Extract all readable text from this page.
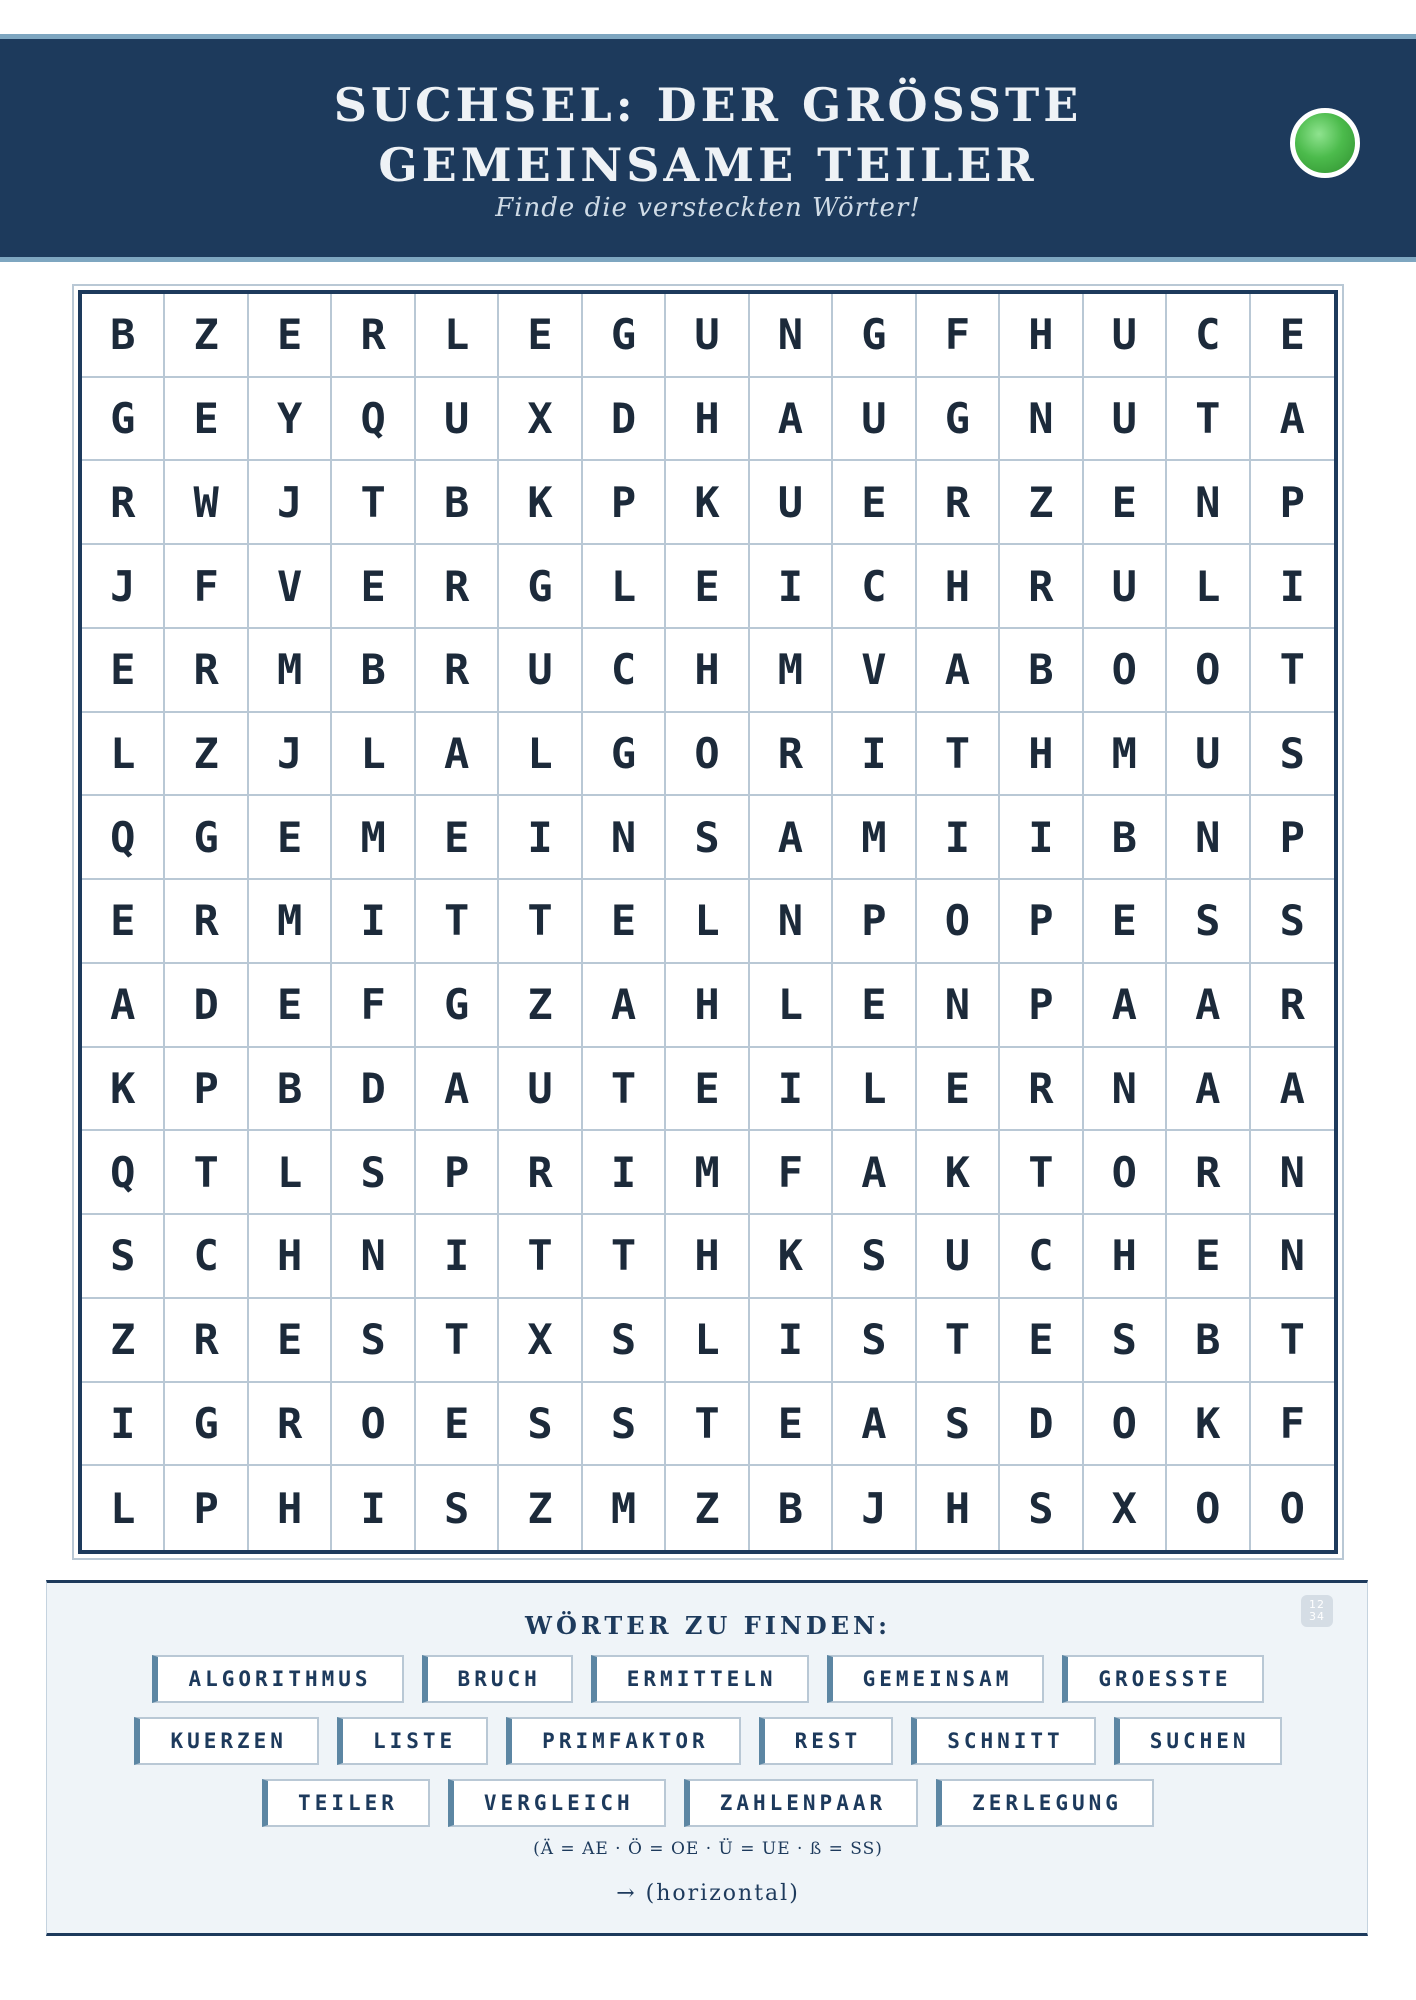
SUCHSEL: DER GRÖSSTE GEMEINSAME TEILER
Finde die versteckten Wörter!
B	Z	E	R	L	E	G	U	N	G	F	H	U	C	E
G	E	Y	Q	U	X	D	H	A	U	G	N	U	T	A
R	W	J	T	B	K	P	K	U	E	R	Z	E	N	P
J	F	V	E	R	G	L	E	I	C	H	R	U	L	I
E	R	M	B	R	U	C	H	M	V	A	B	O	O	T
L	Z	J	L	A	L	G	O	R	I	T	H	M	U	S
Q	G	E	M	E	I	N	S	A	M	I	I	B	N	P
E	R	M	I	T	T	E	L	N	P	O	P	E	S	S
A	D	E	F	G	Z	A	H	L	E	N	P	A	A	R
K	P	B	D	A	U	T	E	I	L	E	R	N	A	A
Q	T	L	S	P	R	I	M	F	A	K	T	O	R	N
S	C	H	N	I	T	T	H	K	S	U	C	H	E	N
Z	R	E	S	T	X	S	L	I	S	T	E	S	B	T
I	G	R	O	E	S	S	T	E	A	S	D	O	K	F
L	P	H	I	S	Z	M	Z	B	J	H	S	X	O	O
12 34
WÖRTER ZU FINDEN:
ALGORITHMUS	BRUCH	ERMITTELN	GEMEINSAM	GROESSTE
KUERZEN	LISTE	PRIMFAKTOR	REST	SCHNITT	SUCHEN
TEILER	VERGLEICH	ZAHLENPAAR	ZERLEGUNG
(Ä = AE · Ö = OE · Ü = UE · ß = SS)
→ (horizontal)
